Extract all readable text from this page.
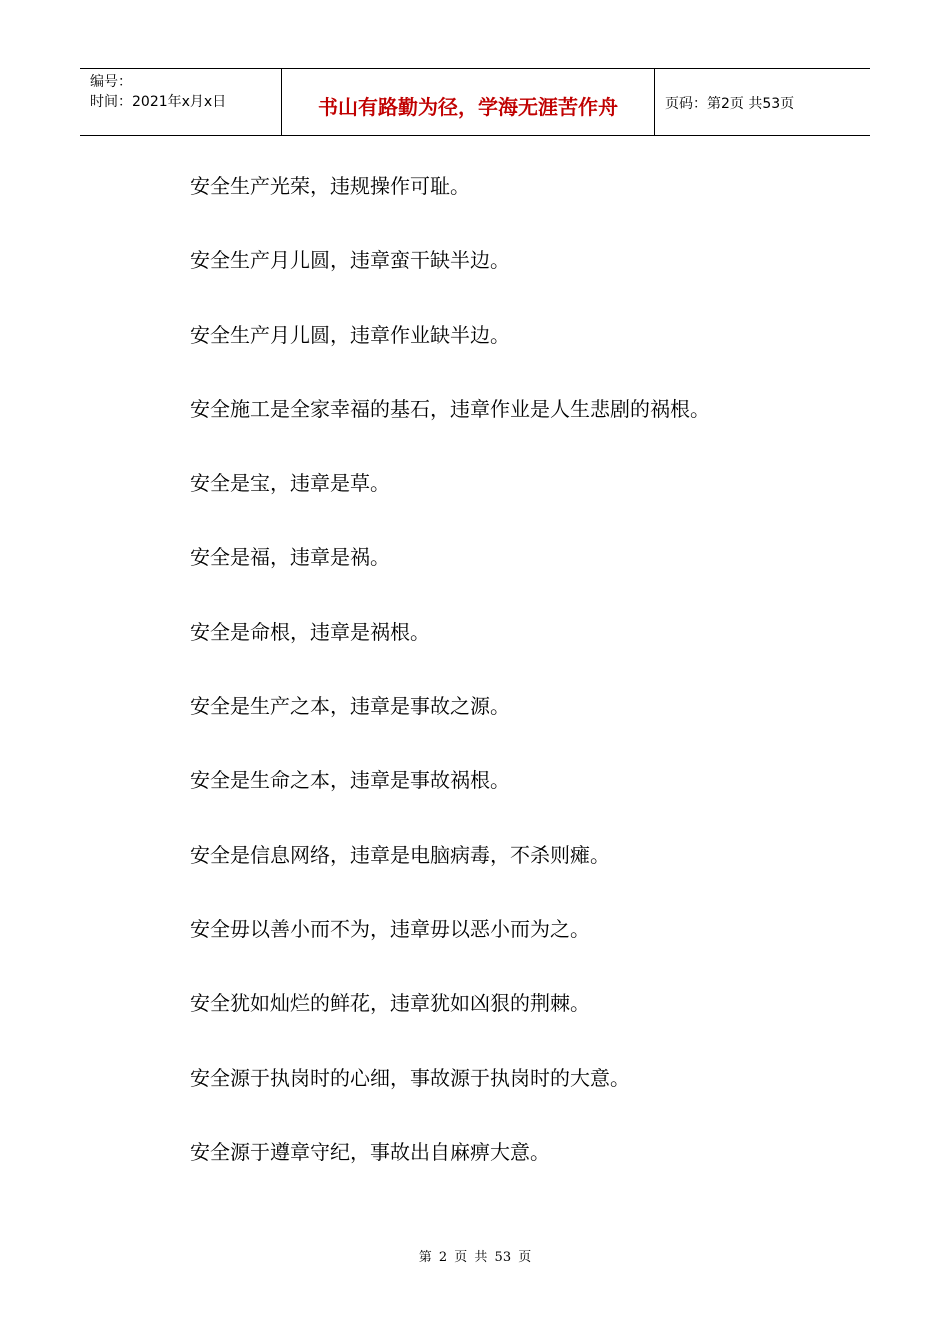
编号：
时间：2021年x月x日	书山有路勤为径，学海无涯苦作舟	页码：第2页 共53页
安全生产光荣，违规操作可耻。
安全生产月儿圆，违章蛮干缺半边。
安全生产月儿圆，违章作业缺半边。
安全施工是全家幸福的基石，违章作业是人生悲剧的祸根。
安全是宝，违章是草。
安全是福，违章是祸。
安全是命根，违章是祸根。
安全是生产之本，违章是事故之源。
安全是生命之本，违章是事故祸根。
安全是信息网络，违章是电脑病毒，不杀则瘫。
安全毋以善小而不为，违章毋以恶小而为之。
安全犹如灿烂的鲜花，违章犹如凶狠的荆棘。
安全源于执岗时的心细，事故源于执岗时的大意。
安全源于遵章守纪，事故出自麻痹大意。
第 2 页 共 53 页
